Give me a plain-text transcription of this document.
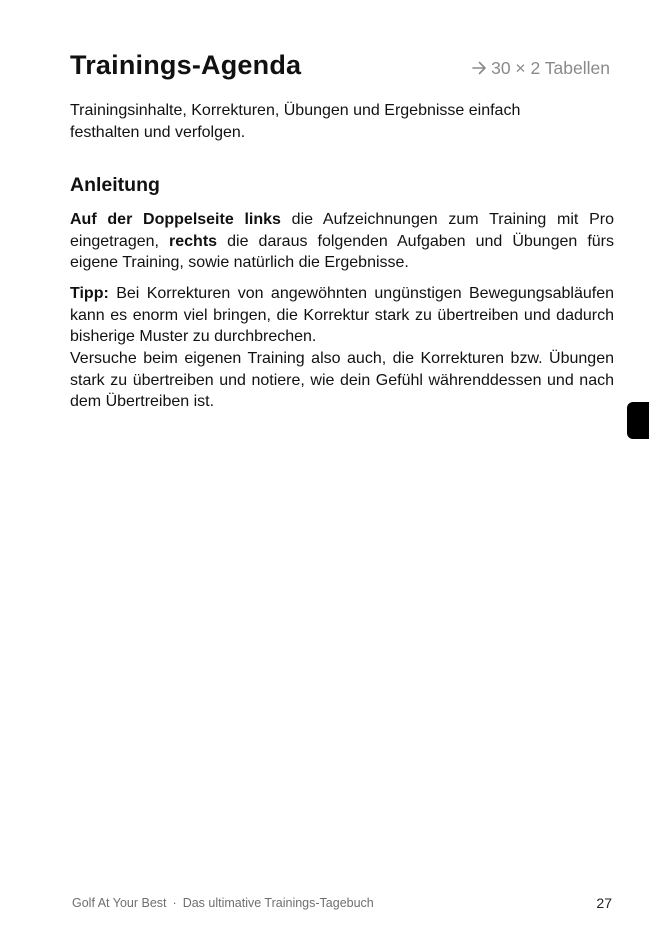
Trainings-Agenda	30 × 2 Tabellen

Trainingsinhalte, Korrekturen, Übungen und Ergebnisse einfach festhalten und verfolgen.

Anleitung

Auf der Doppelseite links die Aufzeichnungen zum Training mit Pro eingetragen, rechts die daraus folgenden Aufgaben und Übungen fürs eigene Training, sowie natürlich die Ergebnisse.

Tipp: Bei Korrekturen von angewöhnten ungünstigen Bewegungsabläufen kann es enorm viel bringen, die Korrektur stark zu übertreiben und dadurch bisherige Muster zu durchbrechen.

Versuche beim eigenen Training also auch, die Korrekturen bzw. Übungen stark zu übertreiben und notiere, wie dein Gefühl währenddessen und nach dem Übertreiben ist.

Golf At Your Best · Das ultimative Trainings-Tagebuch	27
